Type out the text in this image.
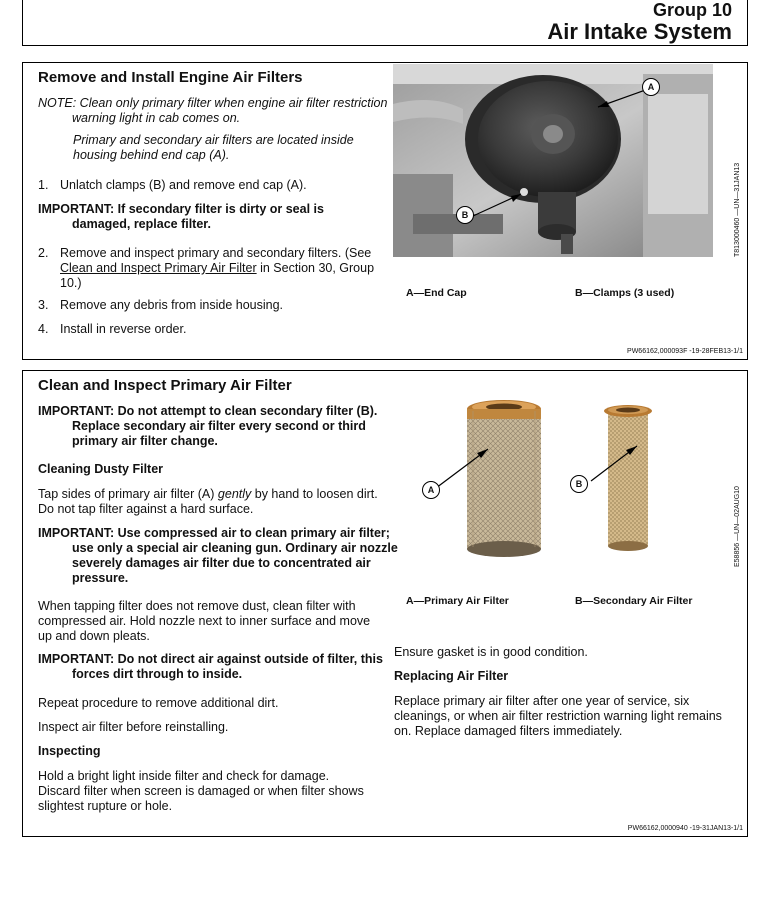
Group 10
Air Intake System
Remove and Install Engine Air Filters

NOTE: Clean only primary filter when engine air filter restriction warning light in cab comes on.

Primary and secondary air filters are located inside housing behind end cap (A).

1. Unlatch clamps (B) and remove end cap (A).

IMPORTANT: If secondary filter is dirty or seal is damaged, replace filter.

2. Remove and inspect primary and secondary filters. (See Clean and Inspect Primary Air Filter in Section 30, Group 10.)
3. Remove any debris from inside housing.
4. Install in reverse order.
A
B	T813000460 —UN—31JAN13
A—End Cap	B—Clamps (3 used)
PW66162,000093F -19-28FEB13-1/1
Clean and Inspect Primary Air Filter

IMPORTANT: Do not attempt to clean secondary filter (B). Replace secondary air filter every second or third primary air filter change.

Cleaning Dusty Filter

Tap sides of primary air filter (A) gently by hand to loosen dirt. Do not tap filter against a hard surface.

IMPORTANT: Use compressed air to clean primary air filter; use only a special air cleaning gun. Ordinary air nozzle severely damages air filter due to concentrated air pressure.

When tapping filter does not remove dust, clean filter with compressed air. Hold nozzle next to inner surface and move up and down pleats.

IMPORTANT: Do not direct air against outside of filter, this forces dirt through to inside.

Repeat procedure to remove additional dirt.

Inspect air filter before reinstalling.

Inspecting

Hold a bright light inside filter and check for damage. Discard filter when screen is damaged or when filter shows slightest rupture or hole.

A
B
E58856 —UN—02AUG10
A—Primary Air Filter	B—Secondary Air Filter

Ensure gasket is in good condition.

Replacing Air Filter

Replace primary air filter after one year of service, six cleanings, or when air filter restriction warning light remains on. Replace damaged filters immediately.

PW66162,0000940 -19-31JAN13-1/1
